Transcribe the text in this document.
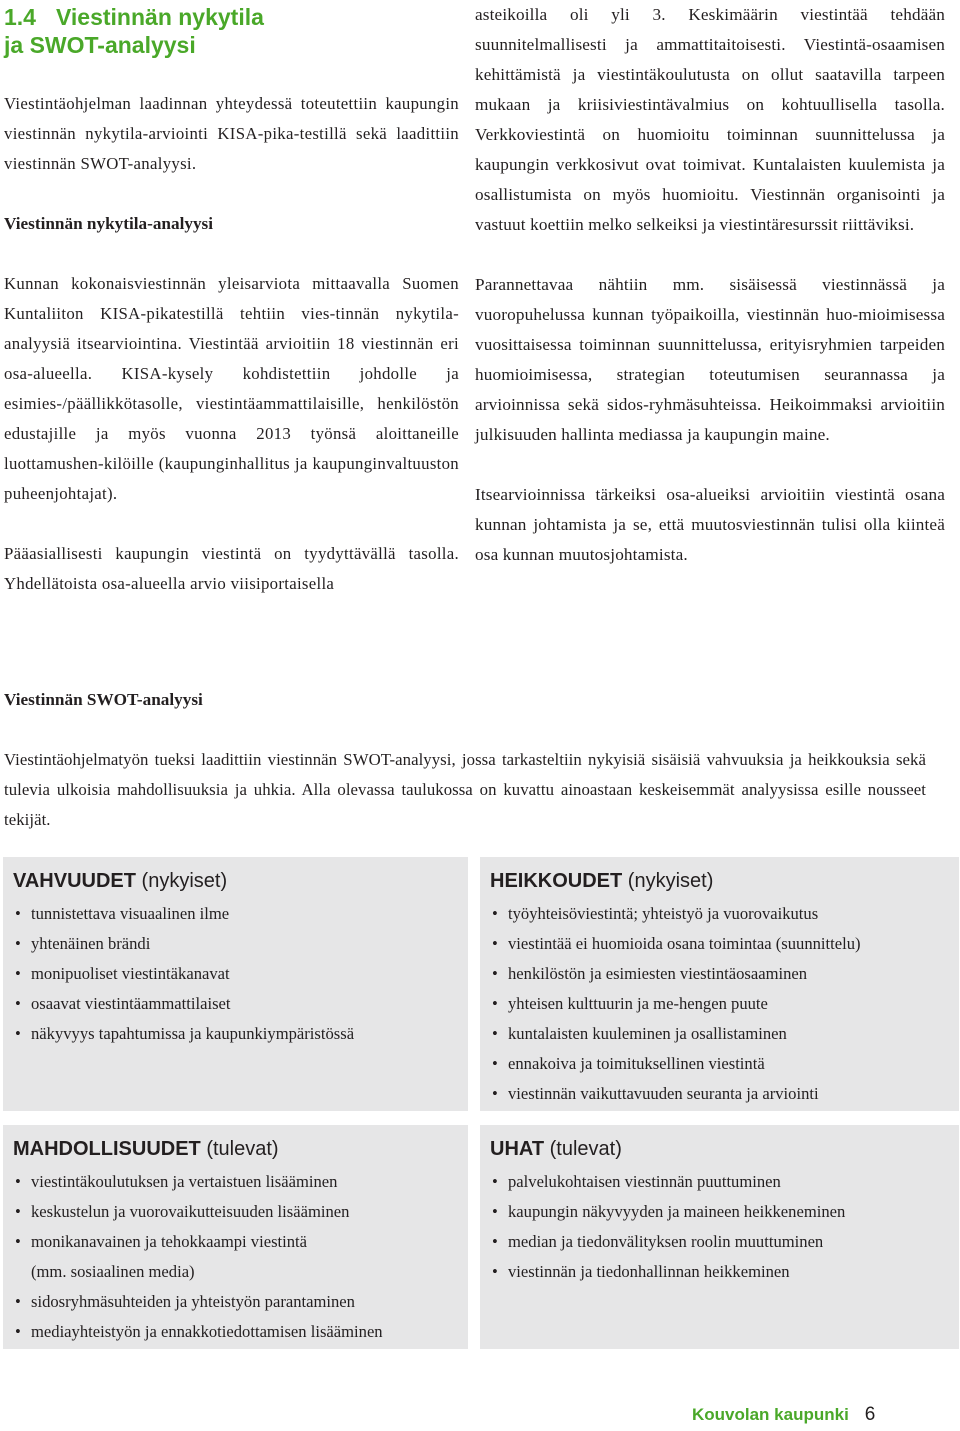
1.4 Viestinnän nykytila
ja SWOT-analyysi

Viestintäohjelman laadinnan yhteydessä toteutettiin kaupungin viestinnän nykytila-arviointi KISA-pika-testillä sekä laadittiin viestinnän SWOT-analyysi.

Viestinnän nykytila-analyysi

Kunnan kokonaisviestinnän yleisarviota mittaavalla Suomen Kuntaliiton KISA-pikatestillä tehtiin vies-tinnän nykytila-analyysiä itsearviointina. Viestintää arvioitiin 18 viestinnän eri osa-alueella. KISA-kysely kohdistettiin johdolle ja esimies-/päällikkötasolle, viestintäammattilaisille, henkilöstön edustajille ja myös vuonna 2013 työnsä aloittaneille luottamushen-kilöille (kaupunginhallitus ja kaupunginvaltuuston puheenjohtajat).

Pääasiallisesti kaupungin viestintä on tyydyttävällä tasolla. Yhdellätoista osa-alueella arvio viisiportaisella

asteikoilla oli yli 3. Keskimäärin viestintää tehdään suunnitelmallisesti ja ammattitaitoisesti. Viestintä-osaamisen kehittämistä ja viestintäkoulutusta on ollut saatavilla tarpeen mukaan ja kriisiviestintävalmius on kohtuullisella tasolla. Verkkoviestintä on huomioitu toiminnan suunnittelussa ja kaupungin verkkosivut ovat toimivat. Kuntalaisten kuulemista ja osallistumista on myös huomioitu. Viestinnän organisointi ja vastuut koettiin melko selkeiksi ja viestintäresurssit riittäviksi.

Parannettavaa nähtiin mm. sisäisessä viestinnässä ja vuoropuhelussa kunnan työpaikoilla, viestinnän huo-mioimisessa vuosittaisessa toiminnan suunnittelussa, erityisryhmien tarpeiden huomioimisessa, strategian toteutumisen seurannassa ja arvioinnissa sekä sidos-ryhmäsuhteissa. Heikoimmaksi arvioitiin julkisuuden hallinta mediassa ja kaupungin maine.

Itsearvioinnissa tärkeiksi osa-alueiksi arvioitiin viestintä osana kunnan johtamista ja se, että muutosviestinnän tulisi olla kiinteä osa kunnan muutosjohtamista.

Viestinnän SWOT-analyysi

Viestintäohjelmatyön tueksi laadittiin viestinnän SWOT-analyysi, jossa tarkasteltiin nykyisiä sisäisiä vahvuuksia ja heikkouksia sekä tulevia ulkoisia mahdollisuuksia ja uhkia. Alla olevassa taulukossa on kuvattu ainoastaan keskeisemmät analyysissa esille nousseet tekijät.

VAHVUUDET (nykyiset)
• tunnistettava visuaalinen ilme
• yhtenäinen brändi
• monipuoliset viestintäkanavat
• osaavat viestintäammattilaiset
• näkyvyys tapahtumissa ja kaupunkiympäristössä
HEIKKOUDET (nykyiset)
• työyhteisöviestintä; yhteistyö ja vuorovaikutus
• viestintää ei huomioida osana toimintaa (suunnittelu)
• henkilöstön ja esimiesten viestintäosaaminen
• yhteisen kulttuurin ja me-hengen puute
• kuntalaisten kuuleminen ja osallistaminen
• ennakoiva ja toimituksellinen viestintä
• viestinnän vaikuttavuuden seuranta ja arviointi
MAHDOLLISUUDET (tulevat)
• viestintäkoulutuksen ja vertaistuen lisääminen
• keskustelun ja vuorovaikutteisuuden lisääminen
• monikanavainen ja tehokkaampi viestintä
(mm. sosiaalinen media)
• sidosryhmäsuhteiden ja yhteistyön parantaminen
• mediayhteistyön ja ennakkotiedottamisen lisääminen
UHAT (tulevat)
• palvelukohtaisen viestinnän puuttuminen
• kaupungin näkyvyyden ja maineen heikkeneminen
• median ja tiedonvälityksen roolin muuttuminen
• viestinnän ja tiedonhallinnan heikkeminen
Kouvolan kaupunki 6
